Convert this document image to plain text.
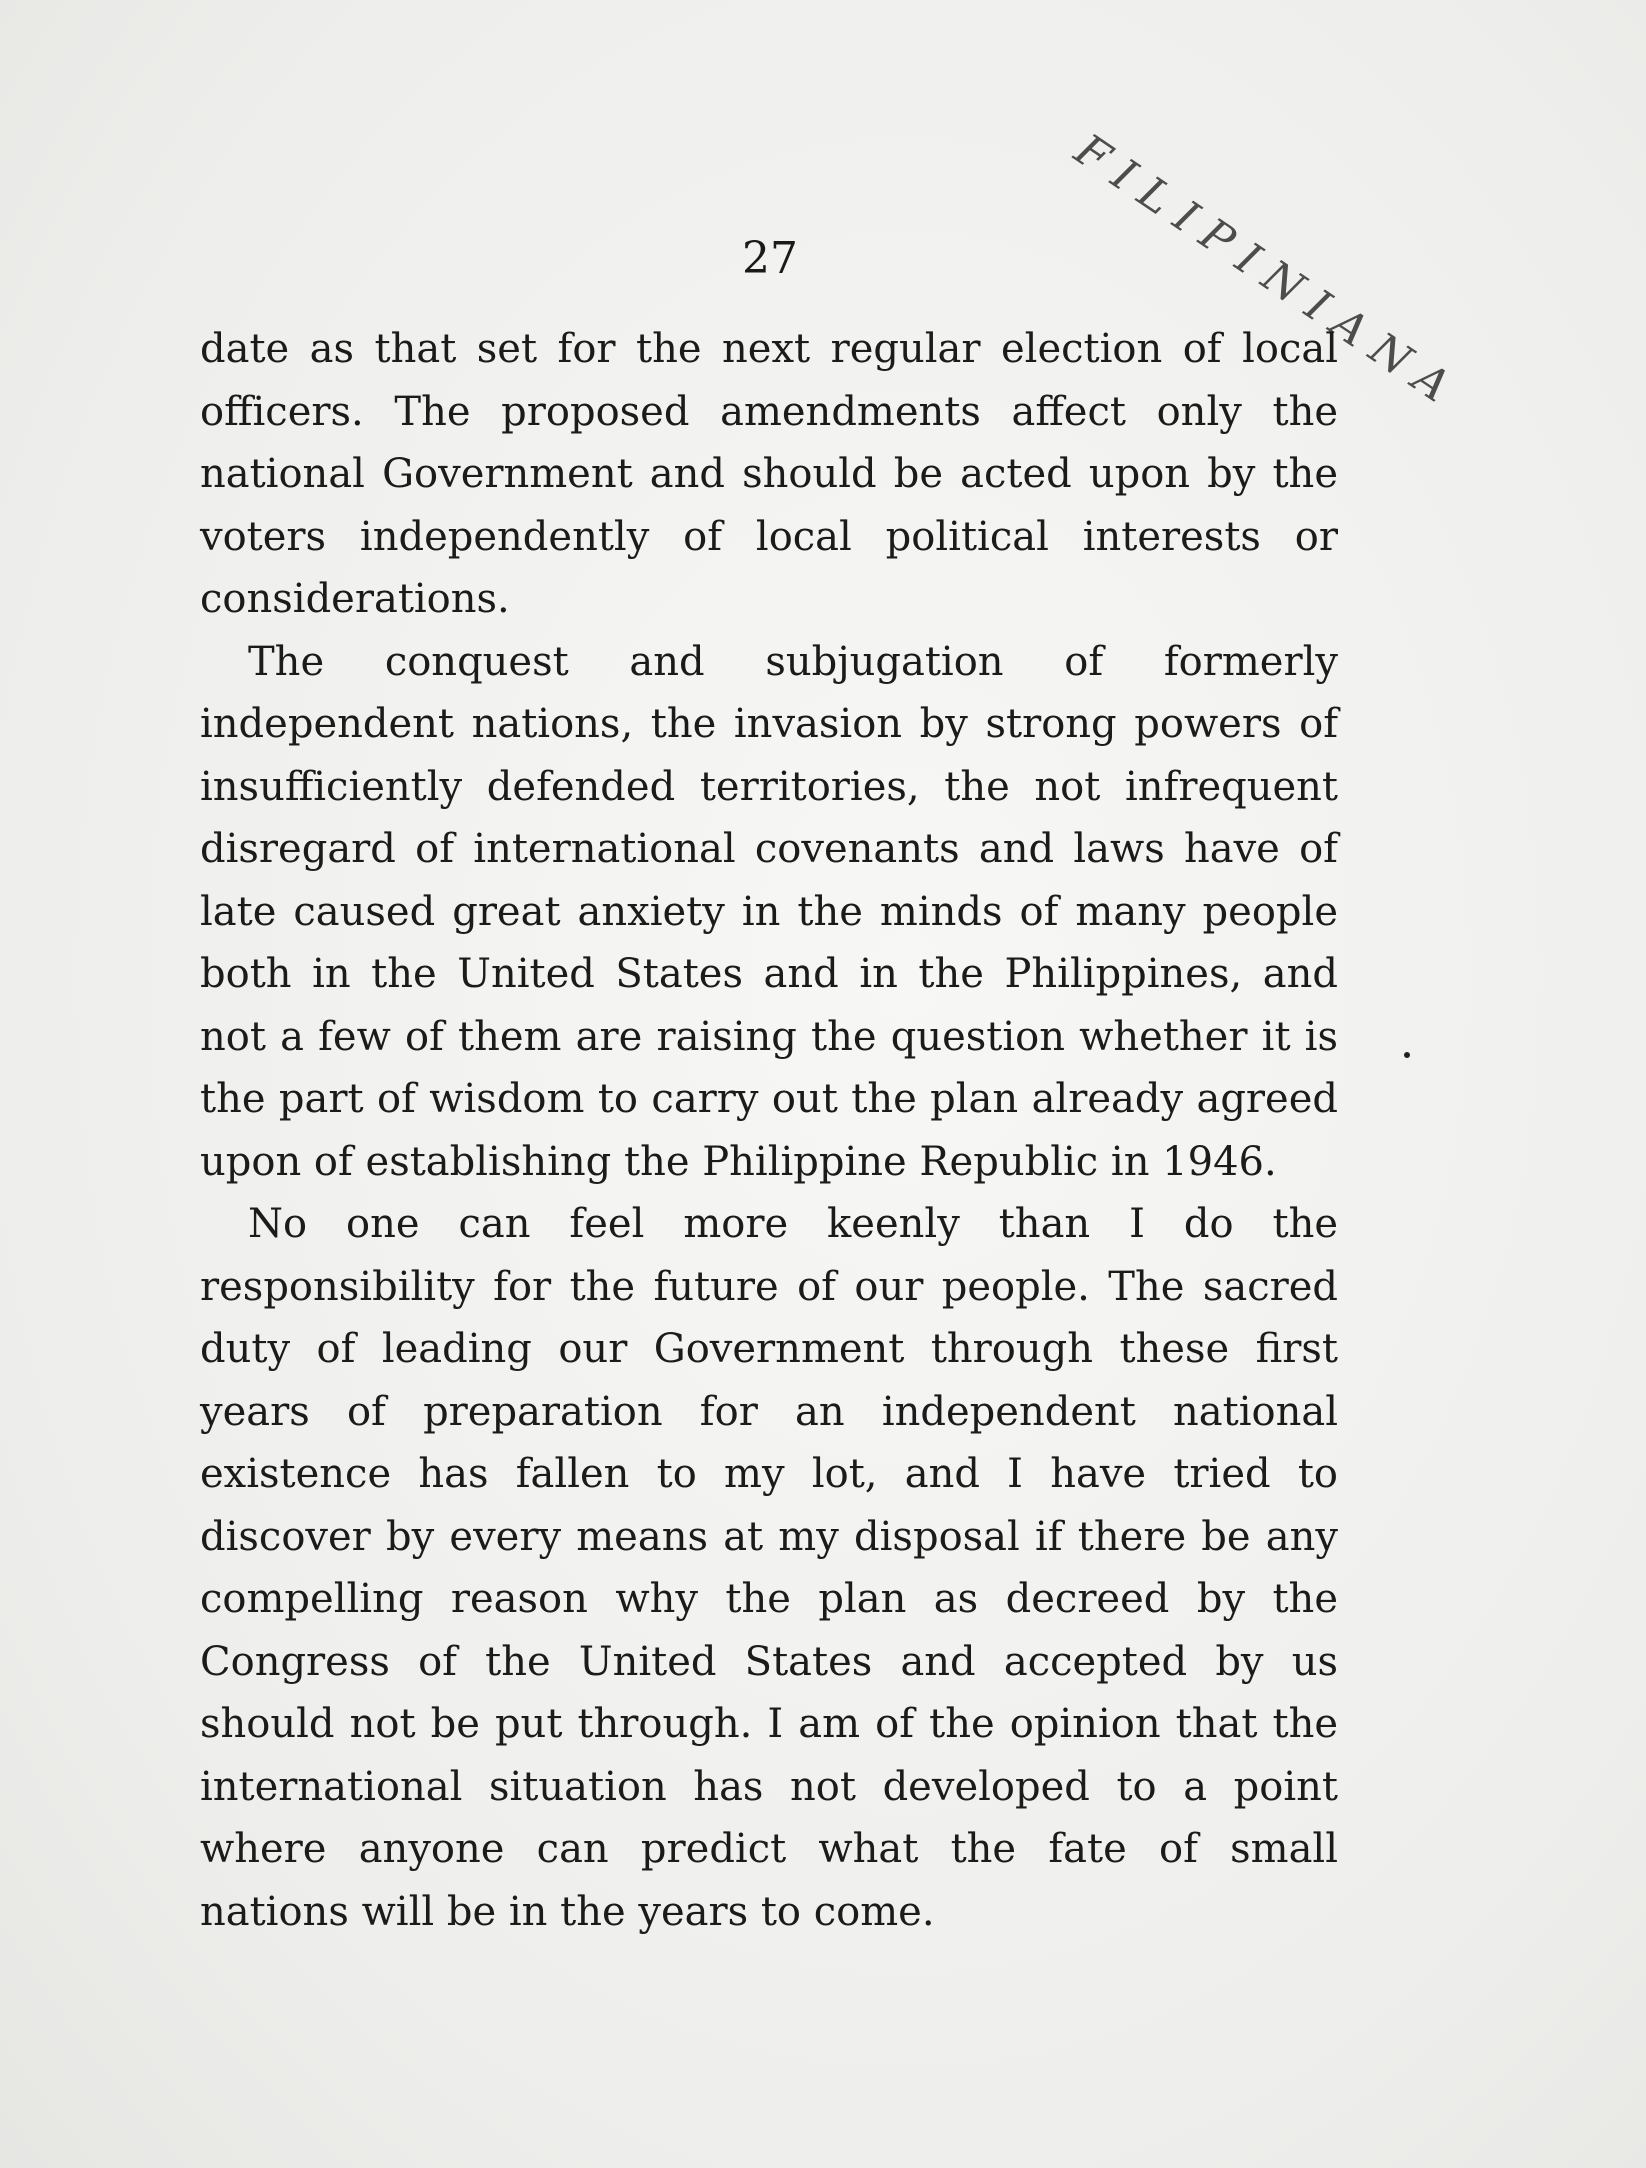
FILIPINIANA
27

date as that set for the next regular election of local officers. The proposed amendments affect only the national Government and should be acted upon by the voters independently of local political interests or considerations.

The conquest and subjugation of formerly independent nations, the invasion by strong powers of insufficiently defended territories, the not infrequent disregard of international covenants and laws have of late caused great anxiety in the minds of many people both in the United States and in the Philippines, and not a few of them are raising the question whether it is the part of wisdom to carry out the plan already agreed upon of establishing the Philippine Republic in 1946.

No one can feel more keenly than I do the responsibility for the future of our people. The sacred duty of leading our Government through these first years of preparation for an independent national existence has fallen to my lot, and I have tried to discover by every means at my disposal if there be any compelling reason why the plan as decreed by the Congress of the United States and accepted by us should not be put through. I am of the opinion that the international situation has not developed to a point where anyone can predict what the fate of small nations will be in the years to come.
